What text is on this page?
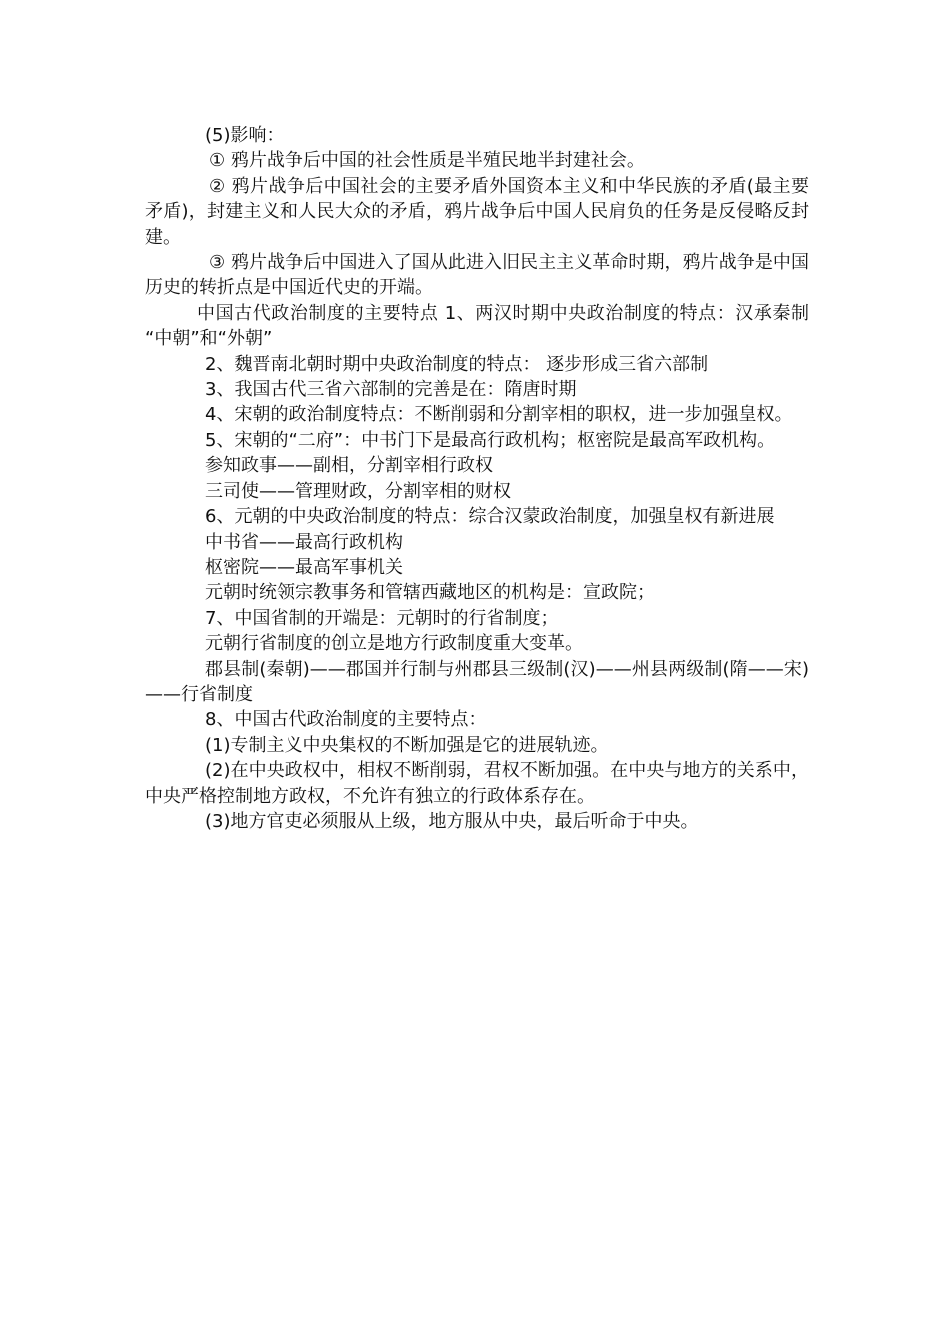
(5)影响：

① 鸦片战争后中国的社会性质是半殖民地半封建社会。

② 鸦片战争后中国社会的主要矛盾外国资本主义和中华民族的矛盾(最主要矛盾)，封建主义和人民大众的矛盾，鸦片战争后中国人民肩负的任务是反侵略反封建。

③ 鸦片战争后中国进入了国从此进入旧民主主义革命时期，鸦片战争是中国历史的转折点是中国近代史的开端。

中国古代政治制度的主要特点 1、两汉时期中央政治制度的特点：汉承秦制 “中朝”和“外朝”

2、魏晋南北朝时期中央政治制度的特点： 逐步形成三省六部制

3、我国古代三省六部制的完善是在：隋唐时期

4、宋朝的政治制度特点：不断削弱和分割宰相的职权，进一步加强皇权。

5、宋朝的“二府”：中书门下是最高行政机构；枢密院是最高军政机构。

参知政事——副相，分割宰相行政权

三司使——管理财政，分割宰相的财权

6、元朝的中央政治制度的特点：综合汉蒙政治制度，加强皇权有新进展

中书省——最高行政机构

枢密院——最高军事机关

元朝时统领宗教事务和管辖西藏地区的机构是：宣政院；

7、中国省制的开端是：元朝时的行省制度；

元朝行省制度的创立是地方行政制度重大变革。

郡县制(秦朝)——郡国并行制与州郡县三级制(汉)——州县两级制(隋——宋)——行省制度

8、中国古代政治制度的主要特点：

(1)专制主义中央集权的不断加强是它的进展轨迹。

(2)在中央政权中，相权不断削弱，君权不断加强。在中央与地方的关系中，中央严格控制地方政权，不允许有独立的行政体系存在。

(3)地方官吏必须服从上级，地方服从中央，最后听命于中央。
